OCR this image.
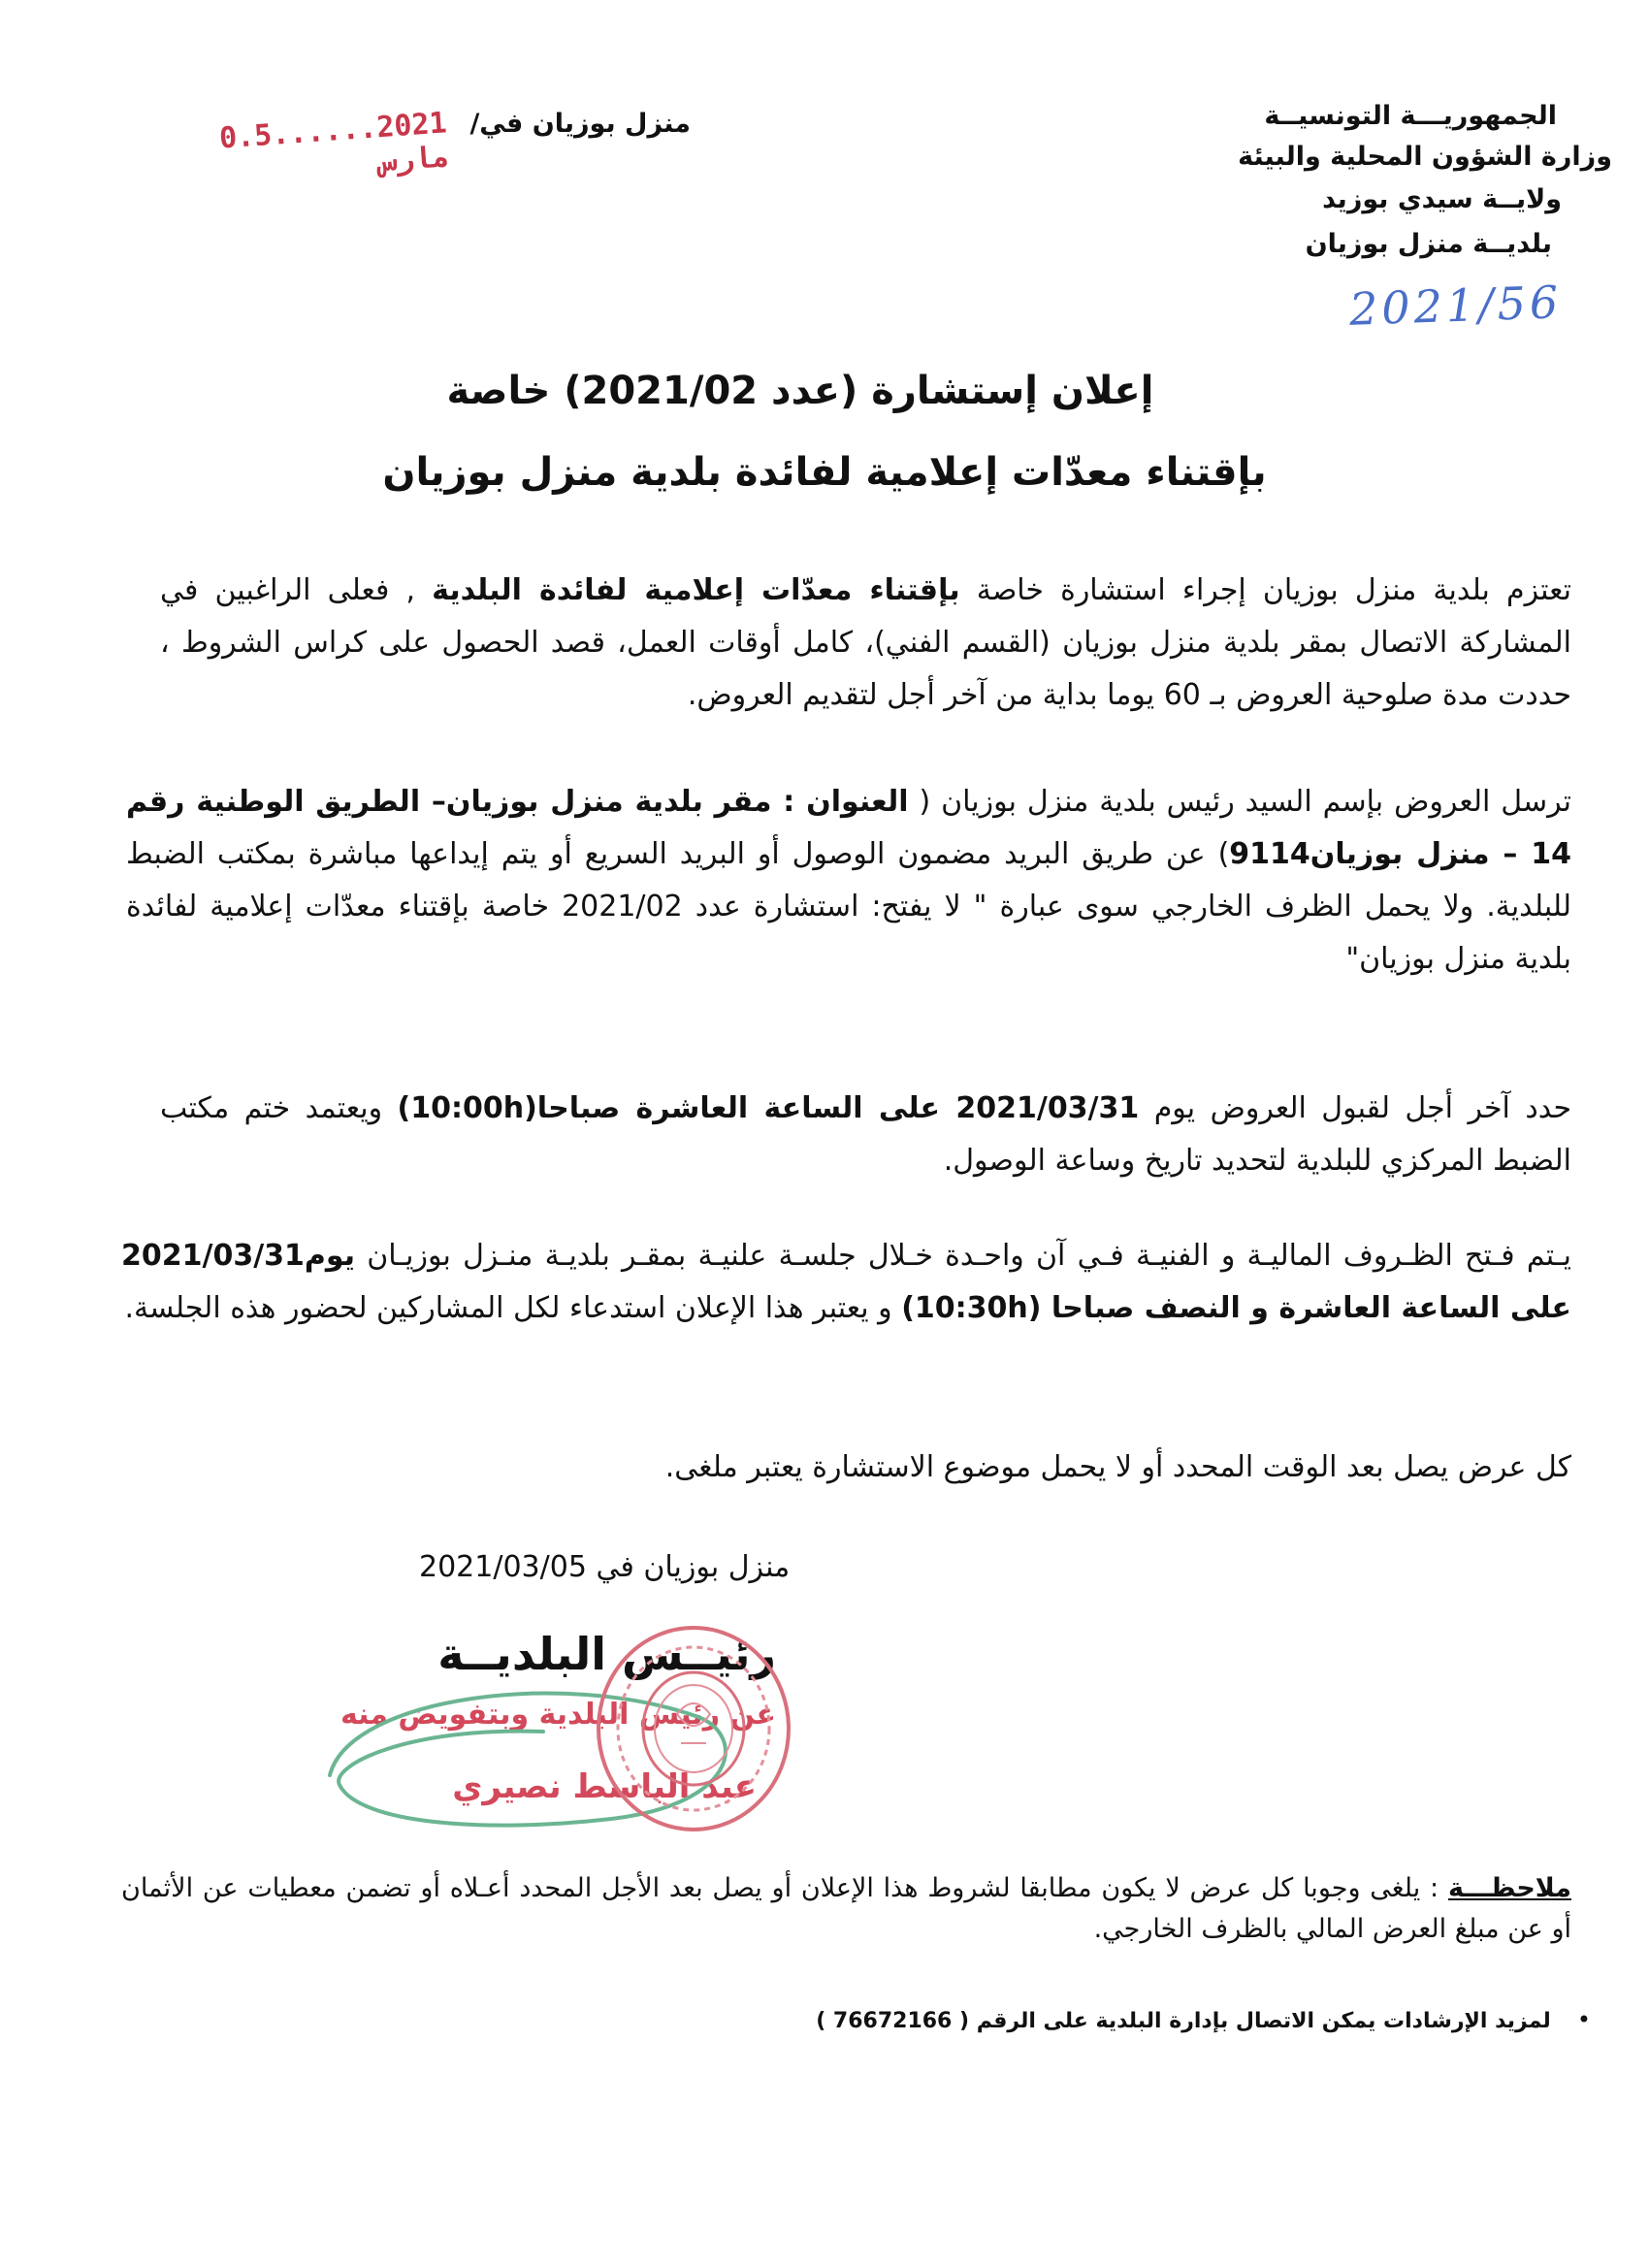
الجمهوريـــة التونسيــة
وزارة الشؤون المحلية والبيئة
ولايــة سيدي بوزيد
بلديــة منزل بوزيان
2021/56
منزل بوزيان في/
2021......0.5 مارس
إعلان إستشارة (عدد 2021/02) خاصة
بإقتناء معدّات إعلامية لفائدة بلدية منزل بوزيان
تعتزم بلدية منزل بوزيان إجراء استشارة خاصة بإقتناء معدّات إعلامية لفائدة البلدية , فعلى الراغبين في المشاركة الاتصال بمقر بلدية منزل بوزيان (القسم الفني)، كامل أوقات العمل، قصد الحصول على كراس الشروط ، حددت مدة صلوحية العروض بـ 60 يوما بداية من آخر أجل لتقديم العروض.
ترسل العروض بإسم السيد رئيس بلدية منزل بوزيان ( العنوان : مقر بلدية منزل بوزيان– الطريق الوطنية رقم 14 – منزل بوزيان9114) عن طريق البريد مضمون الوصول أو البريد السريع أو يتم إيداعها مباشرة بمكتب الضبط للبلدية. ولا يحمل الظرف الخارجي سوى عبارة " لا يفتح: استشارة عدد 2021/02 خاصة بإقتناء معدّات إعلامية لفائدة بلدية منزل بوزيان"
حدد آخر أجل لقبول العروض يوم 2021/03/31 على الساعة العاشرة صباحا(10:00h) ويعتمد ختم مكتب الضبط المركزي للبلدية لتحديد تاريخ وساعة الوصول.
يـتم فـتح الظـروف الماليـة و الفنيـة فـي آن واحـدة خـلال جلسـة علنيـة بمقـر بلديـة منـزل بوزيـان يوم2021/03/31 على الساعة العاشرة و النصف صباحا (10:30h) و يعتبر هذا الإعلان استدعاء لكل المشاركين لحضور هذه الجلسة.
كل عرض يصل بعد الوقت المحدد أو لا يحمل موضوع الاستشارة يعتبر ملغى.
منزل بوزيان في 2021/03/05
رئيــس البلديــة
عن رئيس البلدية وبتفويض منه
عبد الباسط نصيري
ملاحظـــة : يلغى وجوبا كل عرض لا يكون مطابقا لشروط هذا الإعلان أو يصل بعد الأجل المحدد أعـلاه أو تضمن معطيات عن الأثمان أو عن مبلغ العرض المالي بالظرف الخارجي.
• لمزيد الإرشادات يمكن الاتصال بإدارة البلدية على الرقم ( 76672166 )
